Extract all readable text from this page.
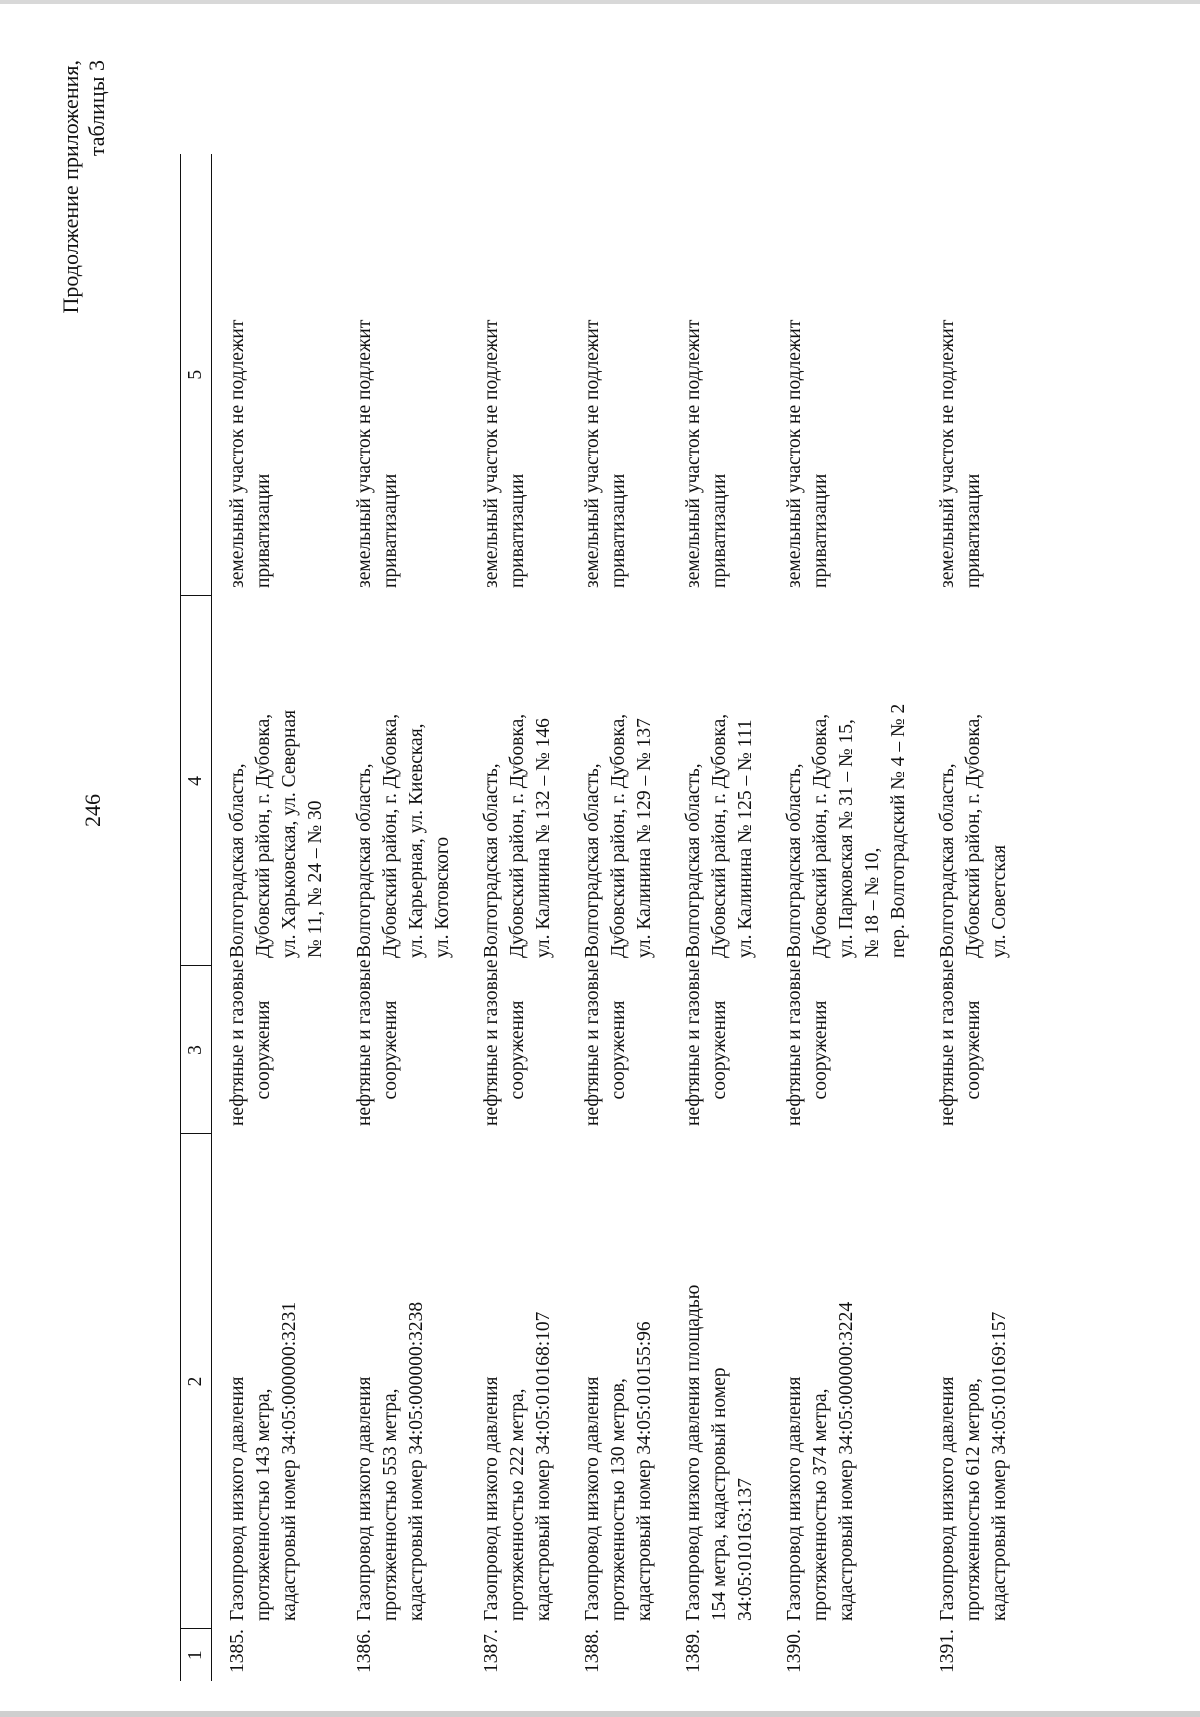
246
Продолжение приложения, таблицы 3
1	2	3	4	5
1385.	Газопровод низкого давления протяженностью 143 метра, кадастровый номер 34:05:000000:3231	нефтяные и газовые сооружения	Волгоградская область, Дубовский район, г. Дубовка, ул. Харьковская, ул. Северная № 11, № 24 – № 30	земельный участок не подлежит приватизации

1386.	Газопровод низкого давления протяженностью 553 метра, кадастровый номер 34:05:000000:3238	нефтяные и газовые сооружения	Волгоградская область, Дубовский район, г. Дубовка, ул. Карьерная, ул. Киевская, ул. Котовского	земельный участок не подлежит приватизации

1387.	Газопровод низкого давления протяженностью 222 метра, кадастровый номер 34:05:010168:107	нефтяные и газовые сооружения	Волгоградская область, Дубовский район, г. Дубовка, ул. Калинина № 132 – № 146	земельный участок не подлежит приватизации

1388.	Газопровод низкого давления протяженностью 130 метров, кадастровый номер 34:05:010155:96	нефтяные и газовые сооружения	Волгоградская область, Дубовский район, г. Дубовка, ул. Калинина № 129 – № 137	земельный участок не подлежит приватизации

1389.	Газопровод низкого давления площадью 154 метра, кадастровый номер 34:05:010163:137	нефтяные и газовые сооружения	Волгоградская область, Дубовский район, г. Дубовка, ул. Калинина № 125 – № 111	земельный участок не подлежит приватизации

1390.	Газопровод низкого давления протяженностью 374 метра, кадастровый номер 34:05:000000:3224	нефтяные и газовые сооружения	Волгоградская область, Дубовский район, г. Дубовка, ул. Парковская № 31 – № 15, № 18 – № 10, пер. Волгоградский № 4 – № 2	земельный участок не подлежит приватизации

1391.	Газопровод низкого давления протяженностью 612 метров, кадастровый номер 34:05:010169:157	нефтяные и газовые сооружения	Волгоградская область, Дубовский район, г. Дубовка, ул. Советская	земельный участок не подлежит приватизации
